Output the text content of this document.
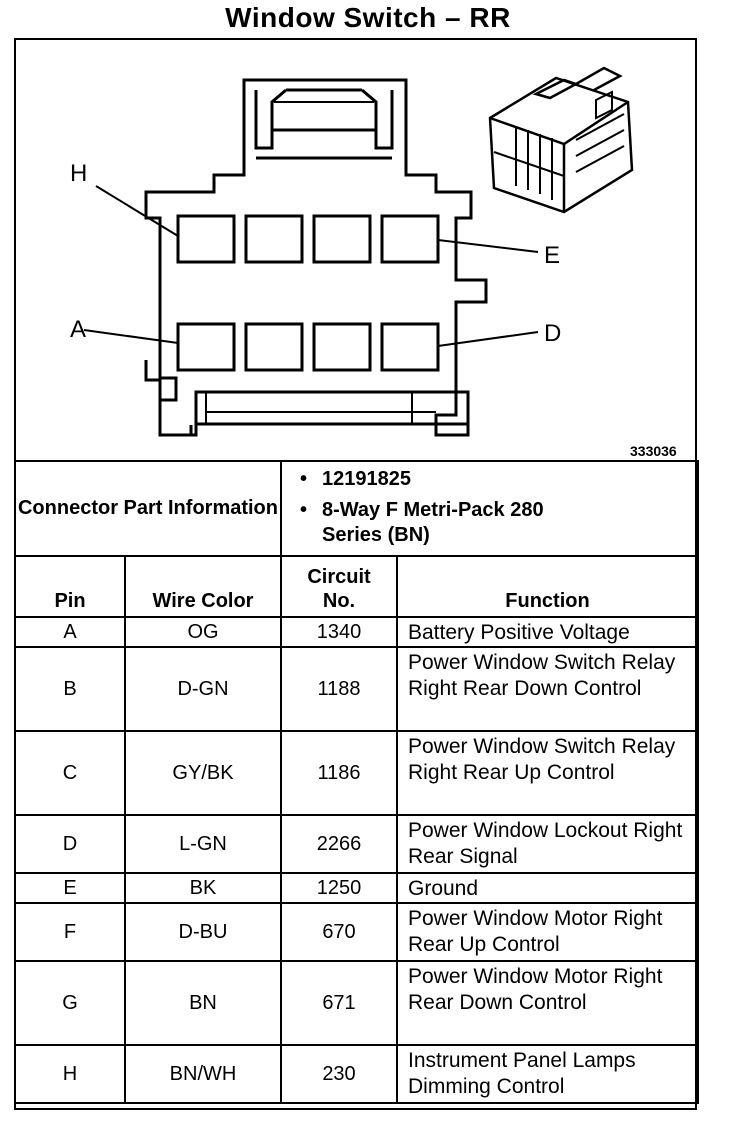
Window Switch – RR
H
E
A	D
333036
Connector Part Information	
• 12191825
• 8-Way F Metri-Pack 280 Series (BN)
Pin	Wire Color	Circuit No.	Function
A	OG	1340	Battery Positive Voltage
B	D-GN	1188	Power Window Switch Relay Right Rear Down Control
C	GY/BK	1186	Power Window Switch Relay Right Rear Up Control
D	L-GN	2266	Power Window Lockout Right Rear Signal
E	BK	1250	Ground
F	D-BU	670	Power Window Motor Right Rear Up Control
G	BN	671	Power Window Motor Right Rear Down Control
H	BN/WH	230	Instrument Panel Lamps Dimming Control
